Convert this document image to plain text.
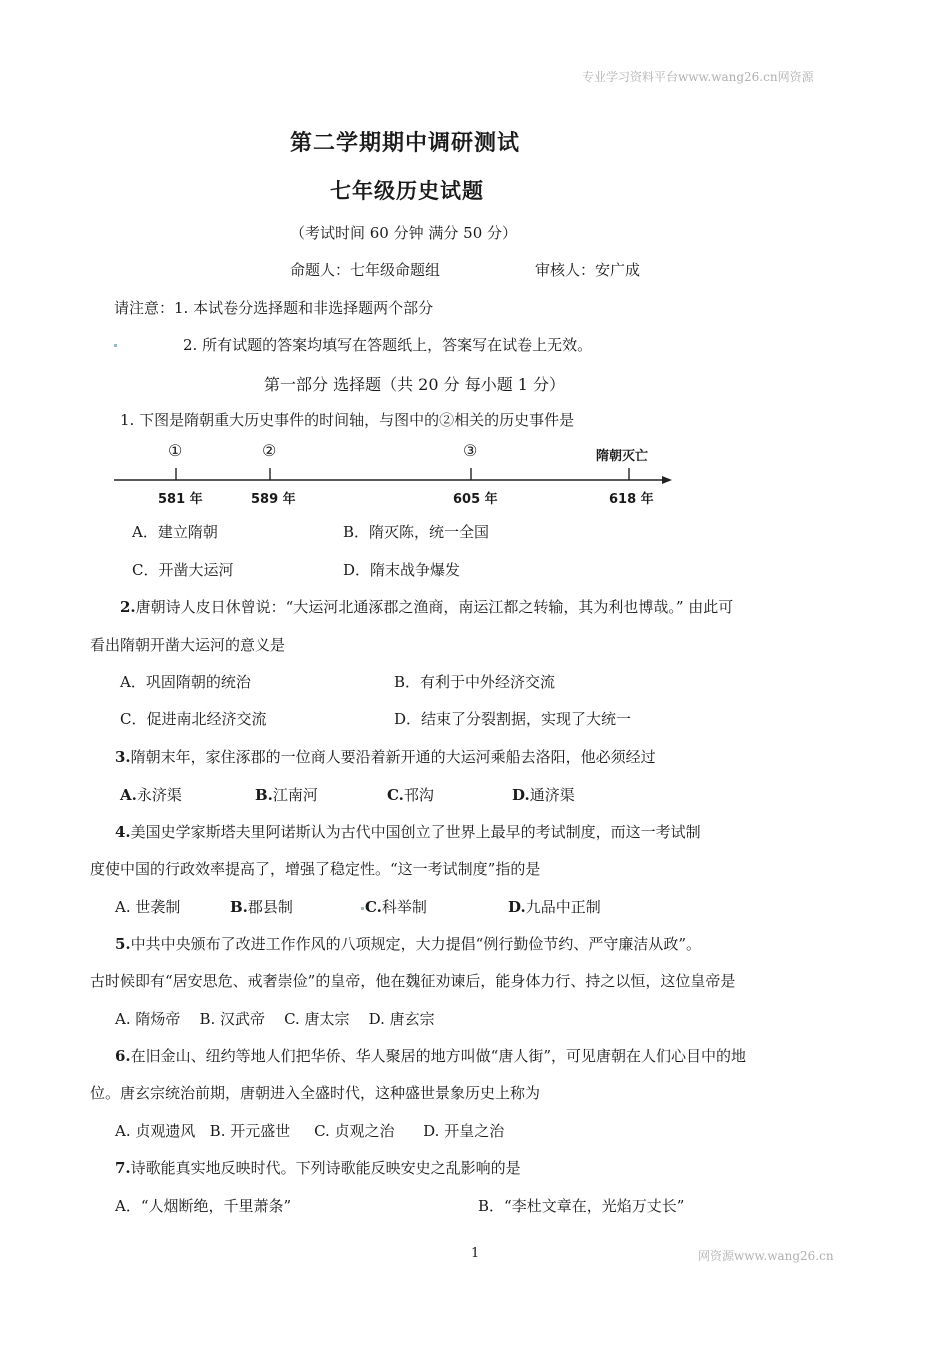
专业学习资料平台www.wang26.cn网资源
网资源www.wang26.cn
1
第二学期期中调研测试
七年级历史试题
（考试时间 60 分钟 满分 50 分）
命题人：七年级命题组	审核人：安广成
请注意：1. 本试卷分选择题和非选择题两个部分
2. 所有试题的答案均填写在答题纸上，答案写在试卷上无效。
第一部分 选择题（共 20 分 每小题 1 分）
1. 下图是隋朝重大历史事件的时间轴，与图中的②相关的历史事件是
①	②	③	隋朝灭亡
581 年	589 年	605 年	618 年
A．建立隋朝	B．隋灭陈，统一全国
C．开凿大运河	D．隋末战争爆发
2.唐朝诗人皮日休曾说：“大运河北通涿郡之渔商，南运江都之转输，其为利也博哉。” 由此可
看出隋朝开凿大运河的意义是
A．巩固隋朝的统治	B．有利于中外经济交流
C．促进南北经济交流	D．结束了分裂割据，实现了大统一
3.隋朝末年，家住涿郡的一位商人要沿着新开通的大运河乘船去洛阳，他必须经过
A.永济渠	B.江南河	C.邗沟	D.通济渠
4.美国史学家斯塔夫里阿诺斯认为古代中国创立了世界上最早的考试制度，而这一考试制
度使中国的行政效率提高了，增强了稳定性。“这一考试制度”指的是
A. 世袭制	B.郡县制	C.科举制	D.九品中正制
5.中共中央颁布了改进工作作风的八项规定，大力提倡“例行勤俭节约、严守廉洁从政”。
古时候即有“居安思危、戒奢崇俭”的皇帝，他在魏征劝谏后，能身体力行、持之以恒，这位皇帝是
A. 隋炀帝    B. 汉武帝    C. 唐太宗    D. 唐玄宗
6.在旧金山、纽约等地人们把华侨、华人聚居的地方叫做“唐人街”，可见唐朝在人们心目中的地
位。唐玄宗统治前期，唐朝进入全盛时代，这种盛世景象历史上称为
A. 贞观遗风   B. 开元盛世     C. 贞观之治      D. 开皇之治
7.诗歌能真实地反映时代。下列诗歌能反映安史之乱影响的是
A．“人烟断绝，千里萧条”	B．“李杜文章在，光焰万丈长”
